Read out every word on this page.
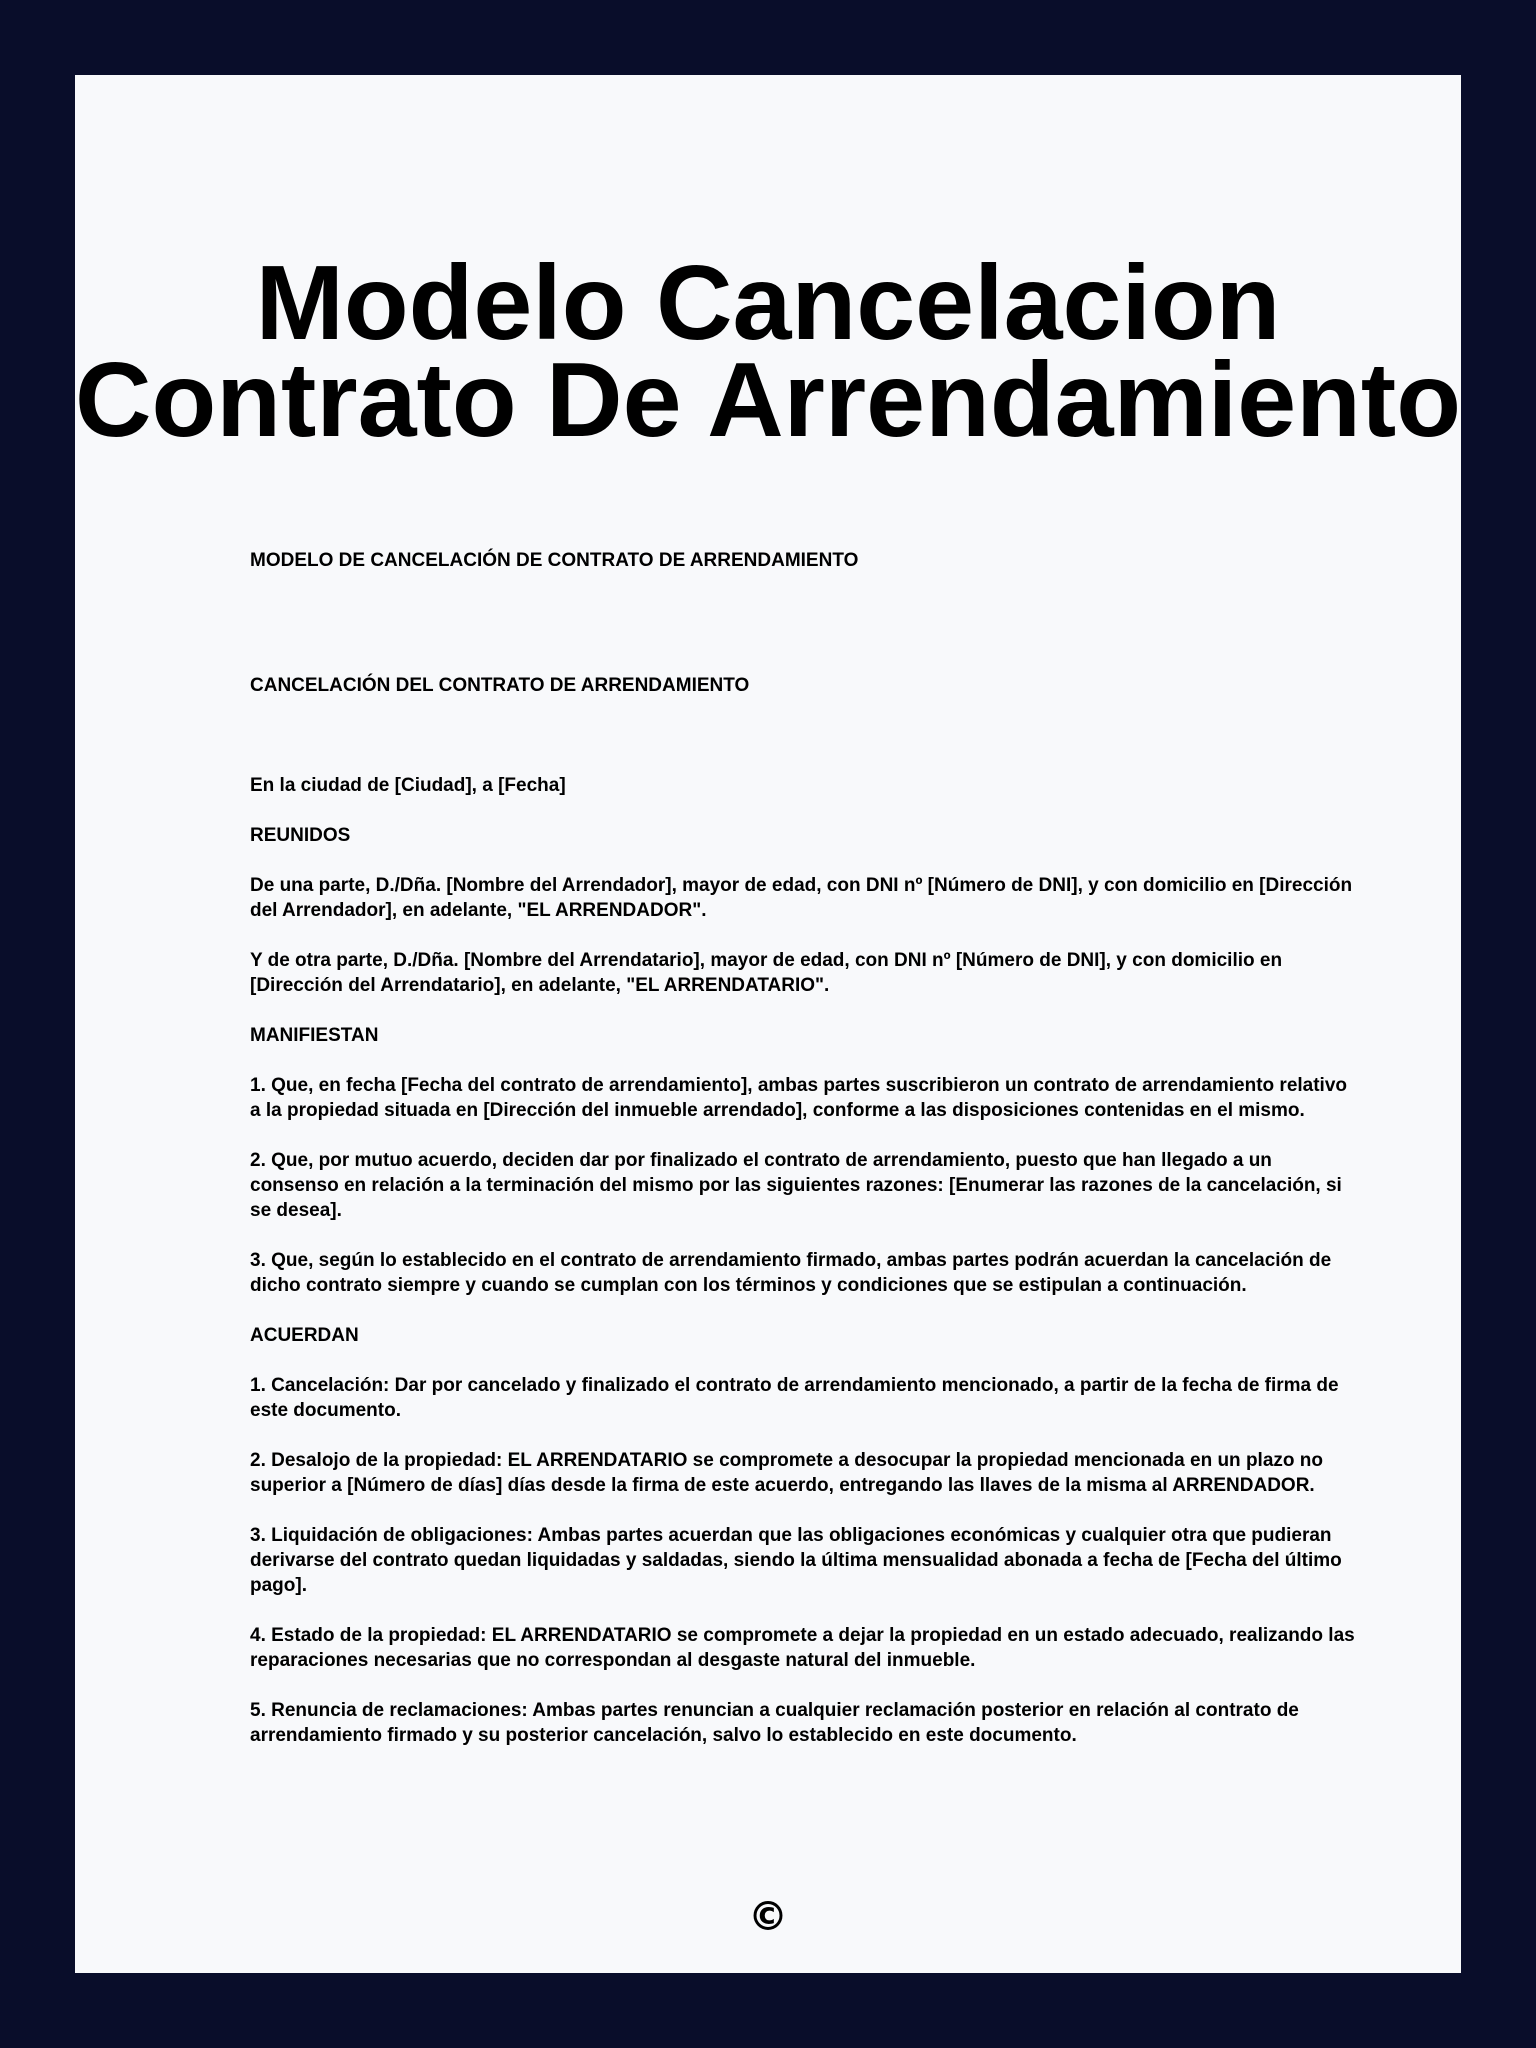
Modelo Cancelacion
Contrato De Arrendamiento

MODELO DE CANCELACIÓN DE CONTRATO DE ARRENDAMIENTO

CANCELACIÓN DEL CONTRATO DE ARRENDAMIENTO

En la ciudad de [Ciudad], a [Fecha]

REUNIDOS

De una parte, D./Dña. [Nombre del Arrendador], mayor de edad, con DNI nº [Número de DNI], y con domicilio en [Dirección del Arrendador], en adelante, "EL ARRENDADOR".

Y de otra parte, D./Dña. [Nombre del Arrendatario], mayor de edad, con DNI nº [Número de DNI], y con domicilio en [Dirección del Arrendatario], en adelante, "EL ARRENDATARIO".

MANIFIESTAN

1. Que, en fecha [Fecha del contrato de arrendamiento], ambas partes suscribieron un contrato de arrendamiento relativo a la propiedad situada en [Dirección del inmueble arrendado], conforme a las disposiciones contenidas en el mismo.

2. Que, por mutuo acuerdo, deciden dar por finalizado el contrato de arrendamiento, puesto que han llegado a un consenso en relación a la terminación del mismo por las siguientes razones: [Enumerar las razones de la cancelación, si se desea].

3. Que, según lo establecido en el contrato de arrendamiento firmado, ambas partes podrán acuerdan la cancelación de dicho contrato siempre y cuando se cumplan con los términos y condiciones que se estipulan a continuación.

ACUERDAN

1. Cancelación: Dar por cancelado y finalizado el contrato de arrendamiento mencionado, a partir de la fecha de firma de este documento.

2. Desalojo de la propiedad: EL ARRENDATARIO se compromete a desocupar la propiedad mencionada en un plazo no superior a [Número de días] días desde la firma de este acuerdo, entregando las llaves de la misma al ARRENDADOR.

3. Liquidación de obligaciones: Ambas partes acuerdan que las obligaciones económicas y cualquier otra que pudieran derivarse del contrato quedan liquidadas y saldadas, siendo la última mensualidad abonada a fecha de [Fecha del último pago].

4. Estado de la propiedad: EL ARRENDATARIO se compromete a dejar la propiedad en un estado adecuado, realizando las reparaciones necesarias que no correspondan al desgaste natural del inmueble.

5. Renuncia de reclamaciones: Ambas partes renuncian a cualquier reclamación posterior en relación al contrato de arrendamiento firmado y su posterior cancelación, salvo lo establecido en este documento.

©
